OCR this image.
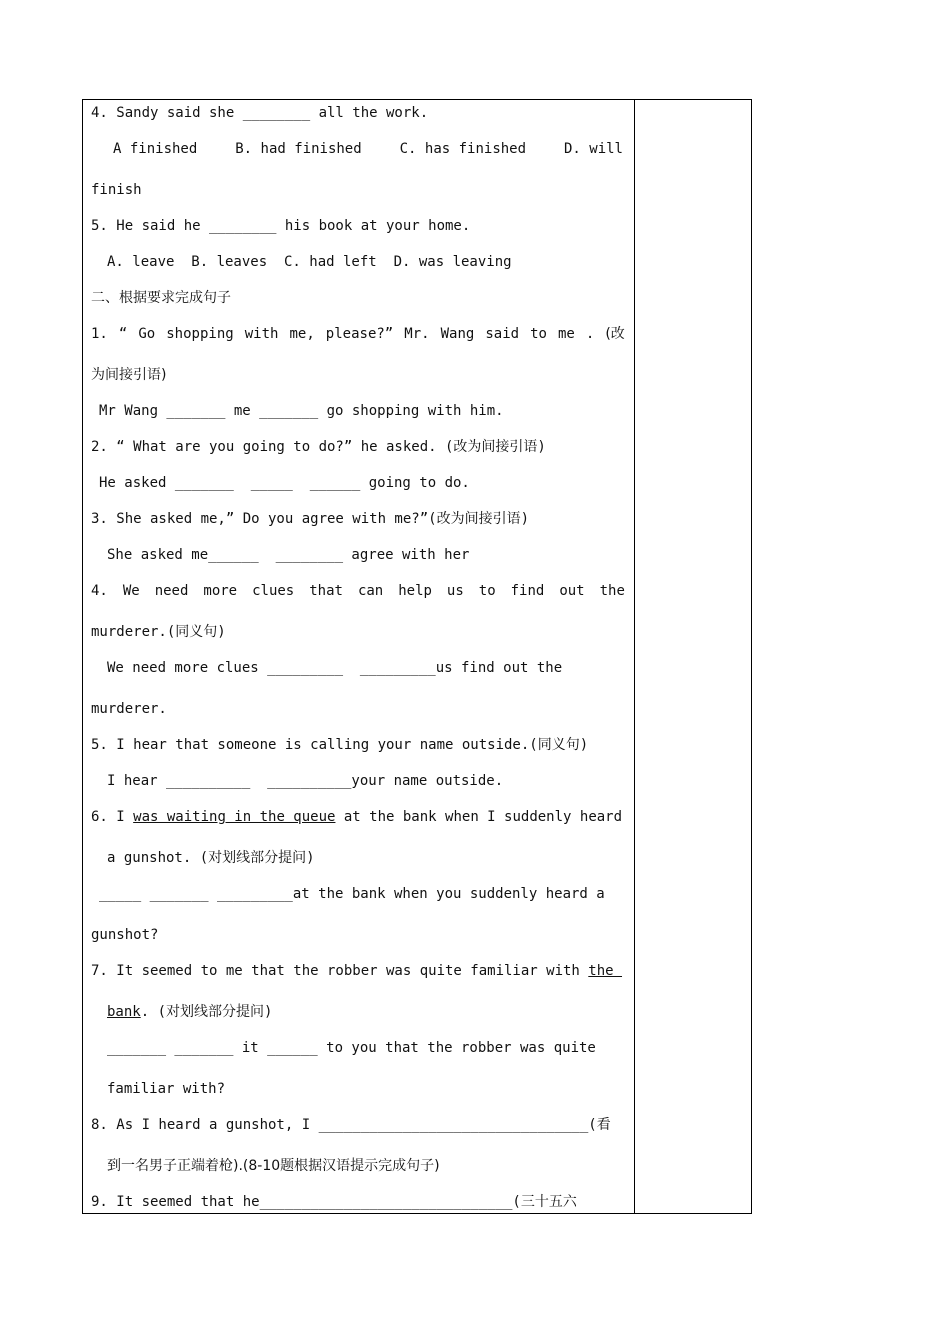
4. Sandy said she ________ all the work.
A finished	B. had finished	C. has finished	D. will
finish
5. He said he ________ his book at your home.
A. leave  B. leaves  C. had left  D. was leaving
二、根据要求完成句子
1. “ Go shopping with me, please?” Mr. Wang said to me . (改
为间接引语)
Mr Wang _______ me _______ go shopping with him.
2. “ What are you going to do?” he asked. (改为间接引语)
He asked _______  _____  ______ going to do.
3. She asked me,” Do you agree with me?”(改为间接引语)
She asked me______  ________ agree with her
4. We need more clues that can help us to find out the
murderer.(同义句)
We need more clues _________  _________us find out the
murderer.
5. I hear that someone is calling your name outside.(同义句)
I hear __________  __________your name outside.
6. I was waiting in the queue at the bank when I suddenly heard
a gunshot. (对划线部分提问)
_____ _______ _________at the bank when you suddenly heard a
gunshot?
7. It seemed to me that the robber was quite familiar with the
bank. (对划线部分提问)
_______ _______ it ______ to you that the robber was quite
familiar with?
8. As I heard a gunshot, I ________________________________(看
到一名男子正端着枪).(8-10题根据汉语提示完成句子)
9. It seemed that he______________________________(三十五六
